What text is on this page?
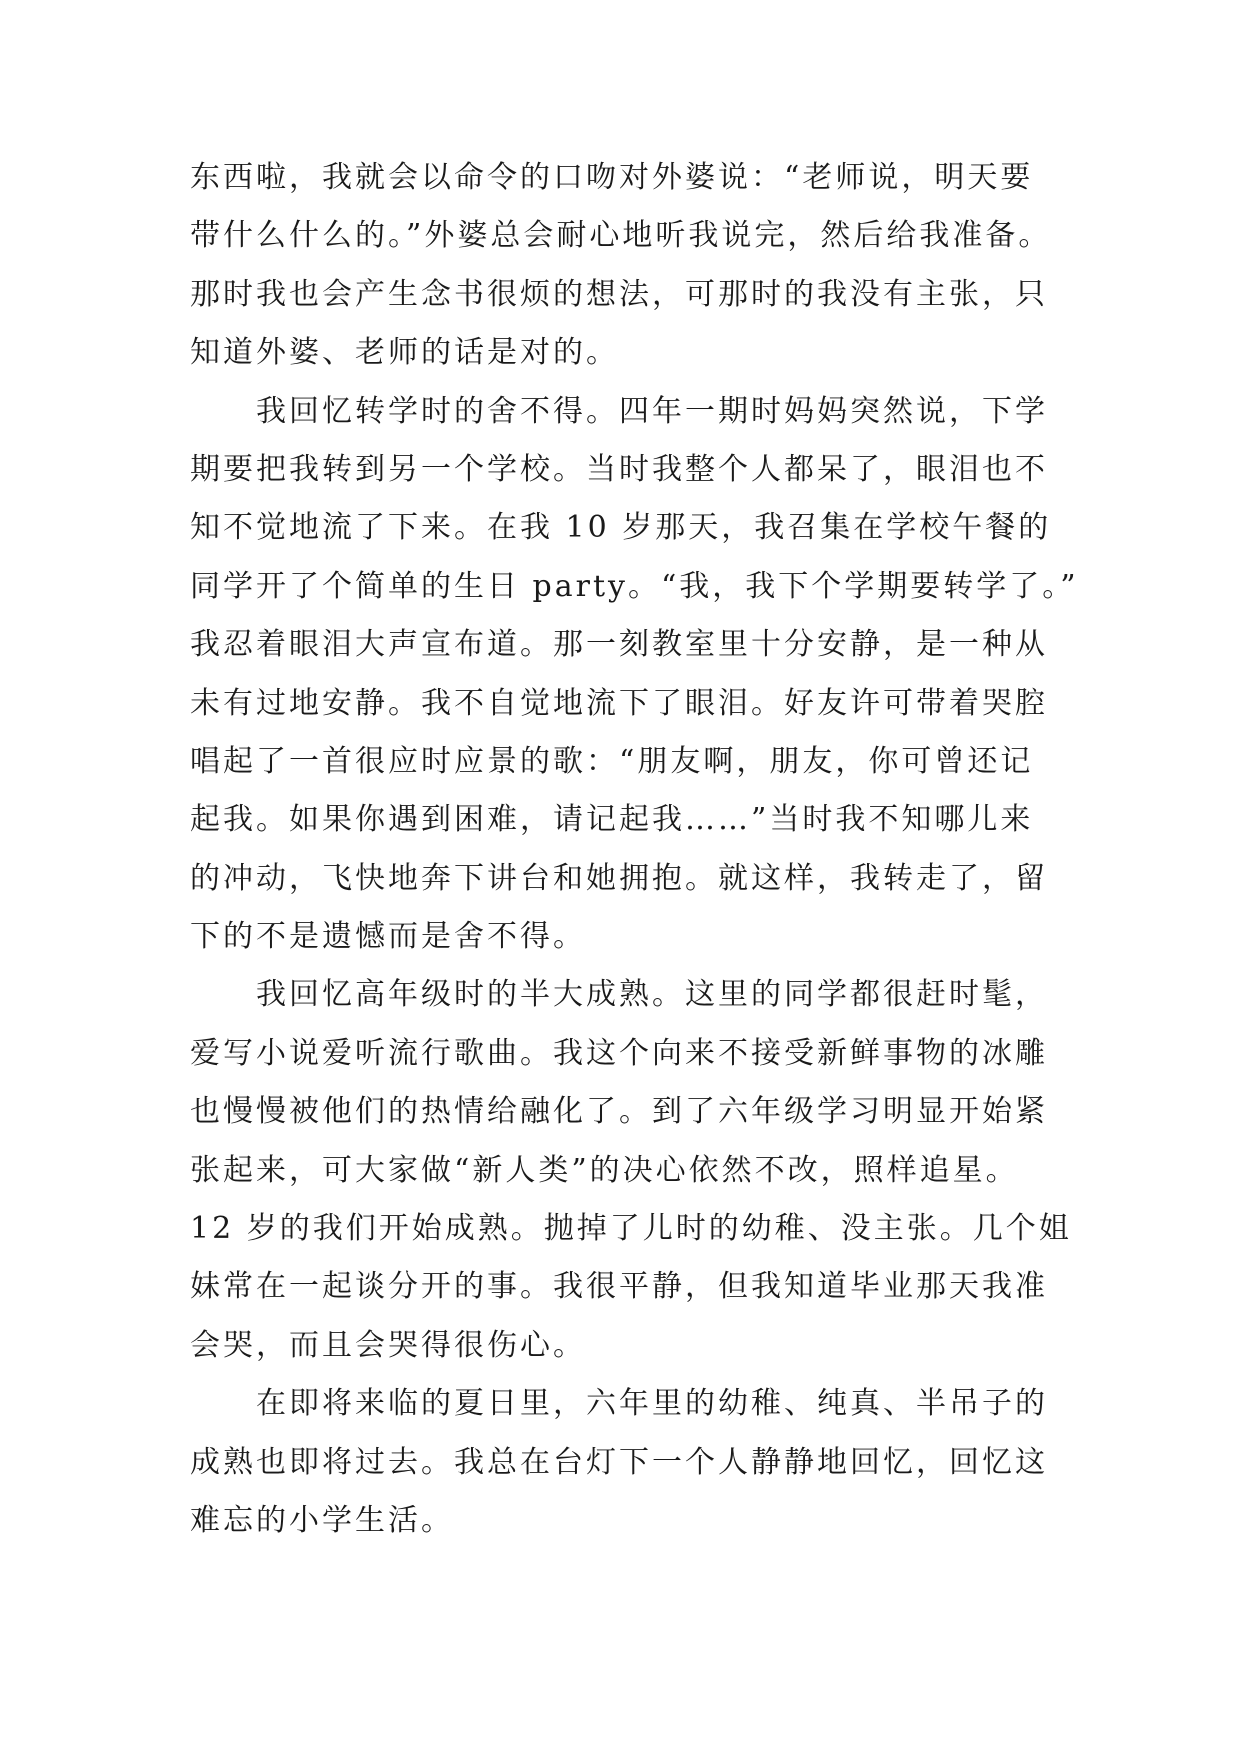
东西啦，我就会以命令的口吻对外婆说：“老师说，明天要
带什么什么的。”外婆总会耐心地听我说完，然后给我准备。
那时我也会产生念书很烦的想法，可那时的我没有主张，只
知道外婆、老师的话是对的。
我回忆转学时的舍不得。四年一期时妈妈突然说，下学
期要把我转到另一个学校。当时我整个人都呆了，眼泪也不
知不觉地流了下来。在我 10 岁那天，我召集在学校午餐的
同学开了个简单的生日 party。“我，我下个学期要转学了。”
我忍着眼泪大声宣布道。那一刻教室里十分安静，是一种从
未有过地安静。我不自觉地流下了眼泪。好友许可带着哭腔
唱起了一首很应时应景的歌：“朋友啊，朋友，你可曾还记
起我。如果你遇到困难，请记起我……”当时我不知哪儿来
的冲动，飞快地奔下讲台和她拥抱。就这样，我转走了，留
下的不是遗憾而是舍不得。
我回忆高年级时的半大成熟。这里的同学都很赶时髦，
爱写小说爱听流行歌曲。我这个向来不接受新鲜事物的冰雕
也慢慢被他们的热情给融化了。到了六年级学习明显开始紧
张起来，可大家做“新人类”的决心依然不改，照样追星。
12 岁的我们开始成熟。抛掉了儿时的幼稚、没主张。几个姐
妹常在一起谈分开的事。我很平静，但我知道毕业那天我准
会哭，而且会哭得很伤心。
在即将来临的夏日里，六年里的幼稚、纯真、半吊子的
成熟也即将过去。我总在台灯下一个人静静地回忆，回忆这
难忘的小学生活。
